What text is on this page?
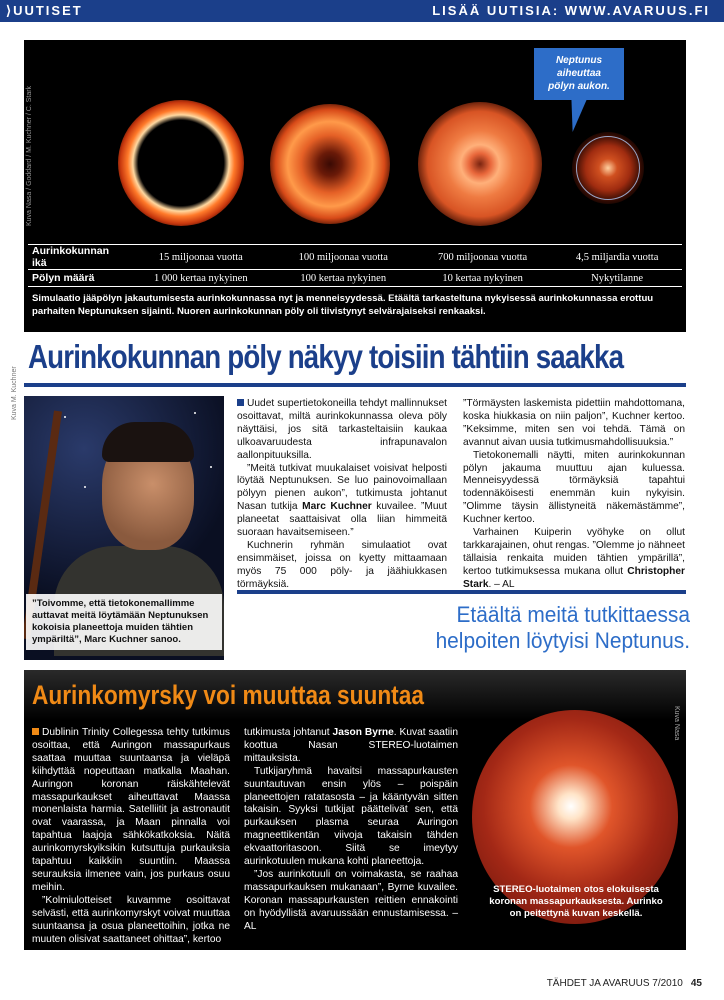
⟩UUTISET	LISÄÄ UUTISIA: WWW.AVARUUS.FI
Kuva Nasa / Goddard / M. Kuchner / C. Stark
Neptunus
aiheuttaa
pölyn aukon.
Aurinkokunnan ikä	15 miljoonaa vuotta	100 miljoonaa vuotta	700 miljoonaa vuotta	4,5 miljardia vuotta
Pölyn määrä	1 000 kertaa nykyinen	100 kertaa nykyinen	10 kertaa nykyinen	Nykytilanne
Simulaatio jääpölyn jakautumisesta aurinkokunnassa nyt ja menneisyydessä. Etäältä tarkasteltuna nykyisessä aurinkokunnassa erottuu parhaiten Neptunuksen sijainti. Nuoren aurinkokunnan pöly oli tiivistynyt selvärajaiseksi renkaaksi.
Aurinkokunnan pöly näkyy toisiin tähtiin saakka
Kuva M. Kuchner
”Toivomme, että tietokonemallimme auttavat meitä löytämään Neptunuksen kokoisia planeettoja muiden tähtien ympäriltä”, Marc Kuchner sanoo.

Uudet supertietokoneilla tehdyt mallinnukset osoittavat, miltä aurinkokunnassa oleva pöly näyttäisi, jos sitä tarkasteltaisiin kaukaa ulkoavaruudesta infrapunavalon aallonpituuksilla.

”Meitä tutkivat muukalaiset voisivat helposti löytää Neptunuksen. Se luo painovoimallaan pölyyn pienen aukon”, tutkimusta johtanut Nasan tutkija Marc Kuchner kuvailee. ”Muut planeetat saattaisivat olla liian himmeitä suoraan havaitsemiseen.”

Kuchnerin ryhmän simulaatiot ovat ensimmäiset, joissa on kyetty mittaamaan myös 75 000 pöly- ja jäähiukkasen törmäyksiä.

”Törmäysten laskemista pidettiin mahdottomana, koska hiukkasia on niin paljon”, Kuchner kertoo. ”Keksimme, miten sen voi tehdä. Tämä on avannut aivan uusia tutkimusmahdollisuuksia.”

Tietokonemalli näytti, miten aurinkokunnan pölyn jakauma muuttuu ajan kuluessa. Menneisyydessä törmäyksiä tapahtui todennäköisesti enemmän kuin nykyisin. ”Olimme täysin ällistyneitä näkemästämme”, Kuchner kertoo.

Varhainen Kuiperin vyöhyke on ollut tarkkarajainen, ohut rengas. ”Olemme jo nähneet tällaisia renkaita muiden tähtien ympärillä”, kertoo tutkimuksessa mukana ollut Christopher Stark. – AL

Etäältä meitä tutkittaessa
helpoiten löytyisi Neptunus.
Aurinkomyrsky voi muuttaa suuntaa

Dublinin Trinity Collegessa tehty tutkimus osoittaa, että Auringon massapurkaus saattaa muuttaa suuntaansa ja vieläpä kiihdyttää nopeuttaan matkalla Maahan. Auringon koronan räiskähtelevät massapurkaukset aiheuttavat Maassa monenlaista harmia. Satelliitit ja astronautit ovat vaarassa, ja Maan pinnalla voi tapahtua laajoja sähkökatkoksia. Näitä aurinkomyrskyiksikin kutsuttuja purkauksia tapahtuu kaikkiin suuntiin. Maassa seurauksia ilmenee vain, jos purkaus osuu meihin.

”Kolmiulotteiset kuvamme osoittavat selvästi, että aurinkomyrskyt voivat muuttaa suuntaansa ja osua planeettoihin, jotka ne muuten olisivat saattaneet ohittaa”, kertoo

tutkimusta johtanut Jason Byrne. Kuvat saatiin koottua Nasan STEREO-luotaimen mittauksista.

Tutkijaryhmä havaitsi massapurkausten suuntautuvan ensin ylös – poispäin planeettojen ratatasosta – ja kääntyvän sitten takaisin. Syyksi tutkijat päättelivät sen, että purkauksen plasma seuraa Auringon magneettikentän viivoja takaisin tähden ekvaattoritasoon. Siitä se imeytyy aurinkotuulen mukana kohti planeettoja.

”Jos aurinkotuuli on voimakasta, se raahaa massapurkauksen mukanaan”, Byrne kuvailee. Koronan massapurkausten reittien ennakointi on hyödyllistä avaruussään ennustamisessa. – AL

STEREO-luotaimen otos elokuisesta koronan massapurkauksesta. Aurinko on peitettynä kuvan keskellä.
Kuva Nasa
TÄHDET JA AVARUUS 7/2010 45
